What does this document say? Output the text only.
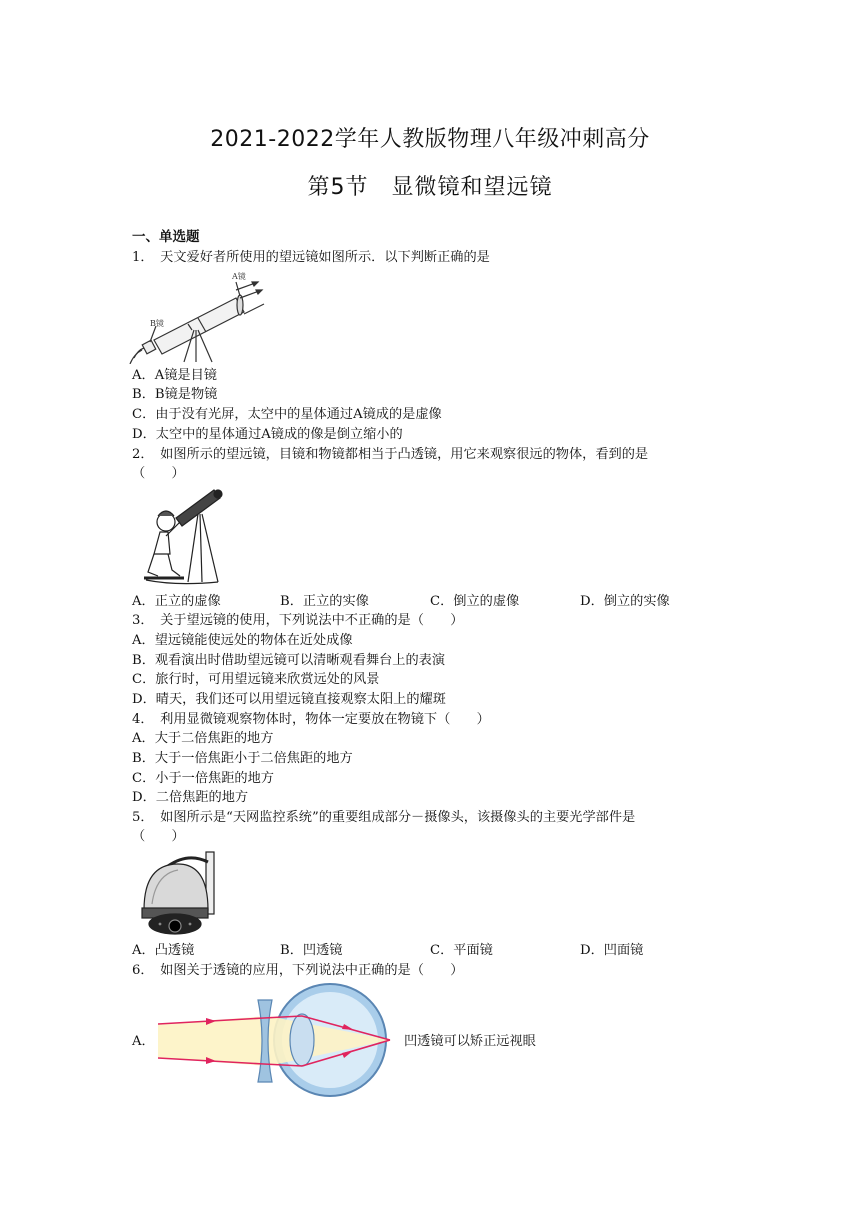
2021-2022学年人教版物理八年级冲刺高分
第5节　显微镜和望远镜
一、单选题
1．　天文爱好者所使用的望远镜如图所示．以下判断正确的是
A镜
B镜
A．A镜是目镜
B．B镜是物镜
C．由于没有光屏，太空中的星体通过A镜成的是虚像
D．太空中的星体通过A镜成的像是倒立缩小的
2．　如图所示的望远镜，目镜和物镜都相当于凸透镜，用它来观察很远的物体，看到的是
（　　）
A．正立的虚像	B．正立的实像	C．倒立的虚像	D．倒立的实像
3．　关于望远镜的使用，下列说法中不正确的是（　　）
A．望远镜能使远处的物体在近处成像
B．观看演出时借助望远镜可以清晰观看舞台上的表演
C．旅行时，可用望远镜来欣赏远处的风景
D．晴天，我们还可以用望远镜直接观察太阳上的耀斑
4．　利用显微镜观察物体时，物体一定要放在物镜下（　　）
A．大于二倍焦距的地方
B．大于一倍焦距小于二倍焦距的地方
C．小于一倍焦距的地方
D．二倍焦距的地方
5．　如图所示是“天网监控系统”的重要组成部分－摄像头，该摄像头的主要光学部件是
（　　）
A．凸透镜	B．凹透镜	C．平面镜	D．凹面镜
6．　如图关于透镜的应用，下列说法中正确的是（　　）
A．	凹透镜可以矫正远视眼
